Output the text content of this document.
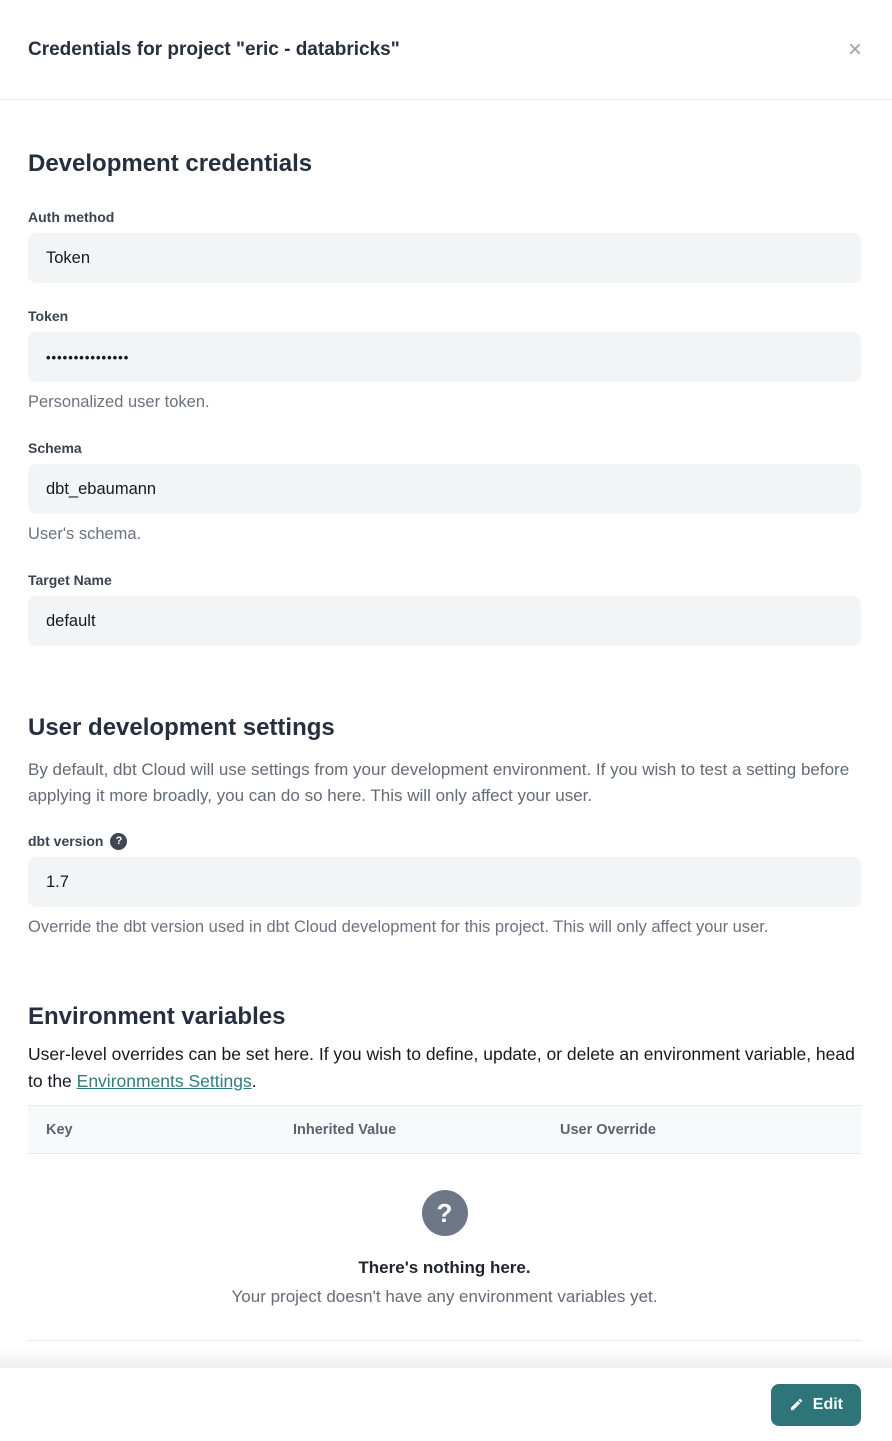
Credentials for project "eric - databricks"	×
Development credentials
Auth method
Token
Token
•••••••••••••••
Personalized user token.
Schema
dbt_ebaumann
User's schema.
Target Name
default
User development settings

By default, dbt Cloud will use settings from your development environment. If you wish to test a setting before applying it more broadly, you can do so here. This will only affect your user.

dbt version	?
1.7
Override the dbt version used in dbt Cloud development for this project. This will only affect your user.
Environment variables

User-level overrides can be set here. If you wish to define, update, or delete an environment variable, head to the Environments Settings.

Key	Inherited Value	User Override
?
There's nothing here.
Your project doesn't have any environment variables yet.
Edit
